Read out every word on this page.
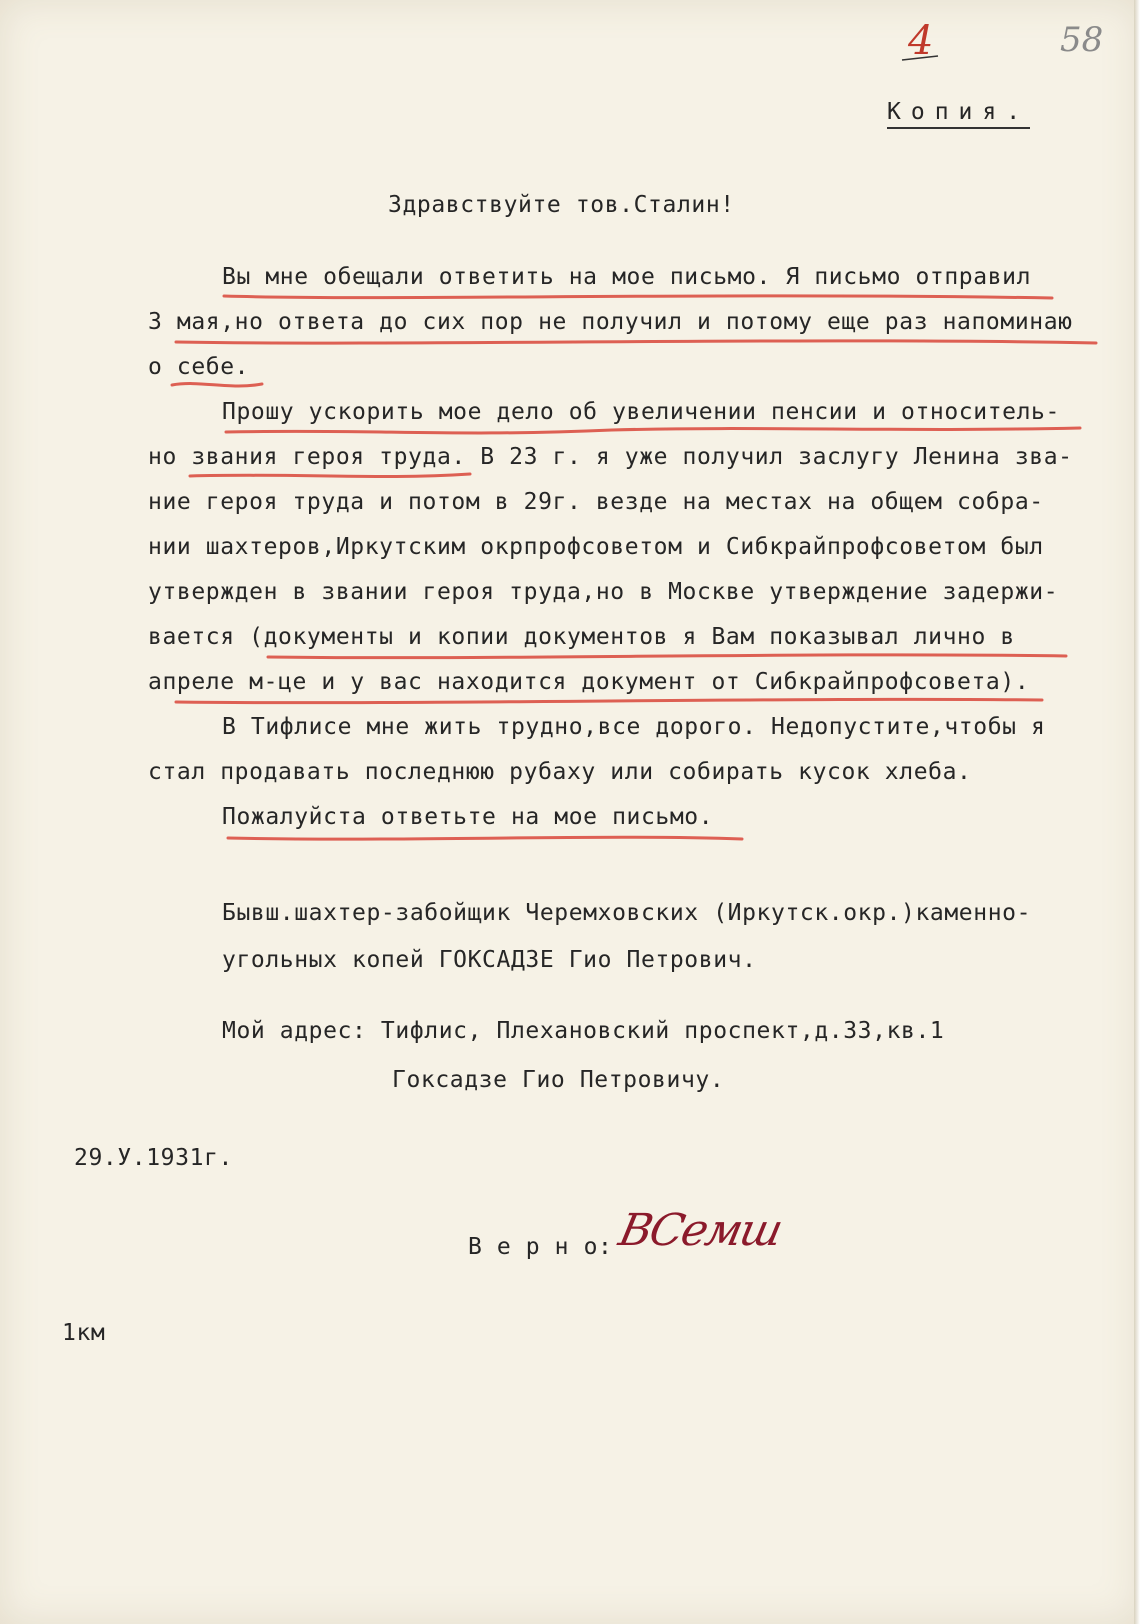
4	58
Копия.
Здравствуйте тов.Сталин!
Вы мне обещали ответить на мое письмо. Я письмо отправил
3 мая,но ответа до сих пор не получил и потому еще раз напоминаю
о себе.
Прошу ускорить мое дело об увеличении пенсии и относитель-
но звания героя труда. В 23 г. я уже получил заслугу Ленина зва-
ние героя труда и потом в 29г. везде на местах на общем собра-
нии шахтеров,Иркутским окрпрофсоветом и Сибкрайпрофсоветом был
утвержден в звании героя труда,но в Москве утверждение задержи-
вается (документы и копии документов я Вам показывал лично в
апреле м-це и у вас находится документ от Сибкрайпрофсовета).
В Тифлисе мне жить трудно,все дорого. Недопустите,чтобы я
стал продавать последнюю рубаху или собирать кусок хлеба.
Пожалуйста ответьте на мое письмо.
Бывш.шахтер-забойщик Черемховских (Иркутск.окр.)каменно-
угольных копей ГОКСАДЗЕ Гио Петрович.
Мой адрес: Тифлис, Плехановский проспект,д.33,кв.1
Гоксадзе Гио Петровичу.
29.У.1931г.
В е р н о: ВСемш
1км
